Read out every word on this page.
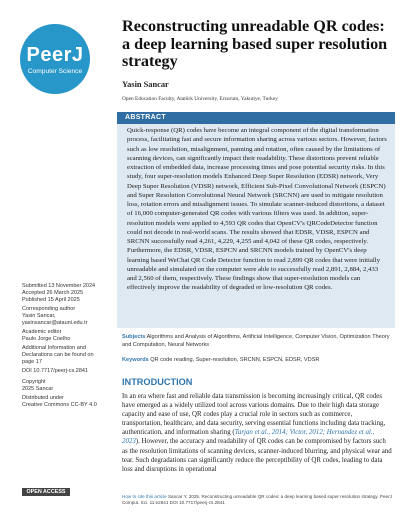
PeerJ
Computer Science
Reconstructing unreadable QR codes: a deep learning based super resolution strategy
Yasin Sancar
Open Education Faculty, Atatürk University, Erzurum, Yakutiye, Turkey
ABSTRACT
Quick-response (QR) codes have become an integral component of the digital transformation process, facilitating fast and secure information sharing across various sectors. However, factors such as low resolution, misalignment, panning and rotation, often caused by the limitations of scanning devices, can significantly impact their readability. These distortions prevent reliable extraction of embedded data, increase processing times and pose potential security risks. In this study, four super-resolution models Enhanced Deep Super Resolution (EDSR) network, Very Deep Super Resolution (VDSR) network, Efficient Sub-Pixel Convolutional Network (ESPCN) and Super Resolution Convolutional Neural Network (SRCNN) are used to mitigate resolution loss, rotation errors and misalignment issues. To simulate scanner-induced distortions, a dataset of 16,000 computer-generated QR codes with various filters was used. In addition, super-resolution models were applied to 4,593 QR codes that OpenCV's QRCodeDetector function could not decode in real-world scans. The results showed that EDSR, VDSR, ESPCN and SRCNN successfully read 4,261, 4,229, 4,255 and 4,042 of these QR codes, respectively. Furthermore, the EDSR, VDSR, ESPCN and SRCNN models trained by OpenCV's deep learning based WeChat QR Code Detector function to read 2,899 QR codes that were initially unreadable and simulated on the computer were able to successfully read 2,891, 2,884, 2,433 and 2,560 of them, respectively. These findings show that super-resolution models can effectively improve the readability of degraded or low-resolution QR codes.
Submitted 13 November 2024
Accepted 26 March 2025
Published 15 April 2025
Corresponding author
Yasin Sancar,
yasinsancar@atauni.edu.tr
Academic editor
Paulo Jorge Coelho
Additional Information and
Declarations can be found on
page 17
DOI 10.7717/peerj-cs.2841
Copyright
2025 Sancar
Distributed under
Creative Commons CC-BY 4.0
OPEN ACCESS
Subjects Algorithms and Analysis of Algorithms, Artificial Intelligence, Computer Vision, Optimization Theory and Computation, Neural Networks
Keywords QR code reading, Super-resolution, SRCNN, ESPCN, EDSR, VDSR
INTRODUCTION
In an era where fast and reliable data transmission is becoming increasingly critical, QR codes have emerged as a widely utilized tool across various domains. Due to their high data storage capacity and ease of use, QR codes play a crucial role in sectors such as commerce, transportation, healthcare, and data security, serving essential functions including data tracking, authentication, and information sharing (Tarjan et al., 2014; Victor, 2012; Hernandez et al., 2023). However, the accuracy and readability of QR codes can be compromised by factors such as the resolution limitations of scanning devices, scanner-induced blurring, and physical wear and tear. Such degradations can significantly reduce the perceptibility of QR codes, leading to data loss and disruptions in operational
How to cite this article Sancar Y. 2025. Reconstructing unreadable QR codes: a deep learning based super resolution strategy. PeerJ Comput. Sci. 11:e2841 DOI 10.7717/peerj-cs.2841
